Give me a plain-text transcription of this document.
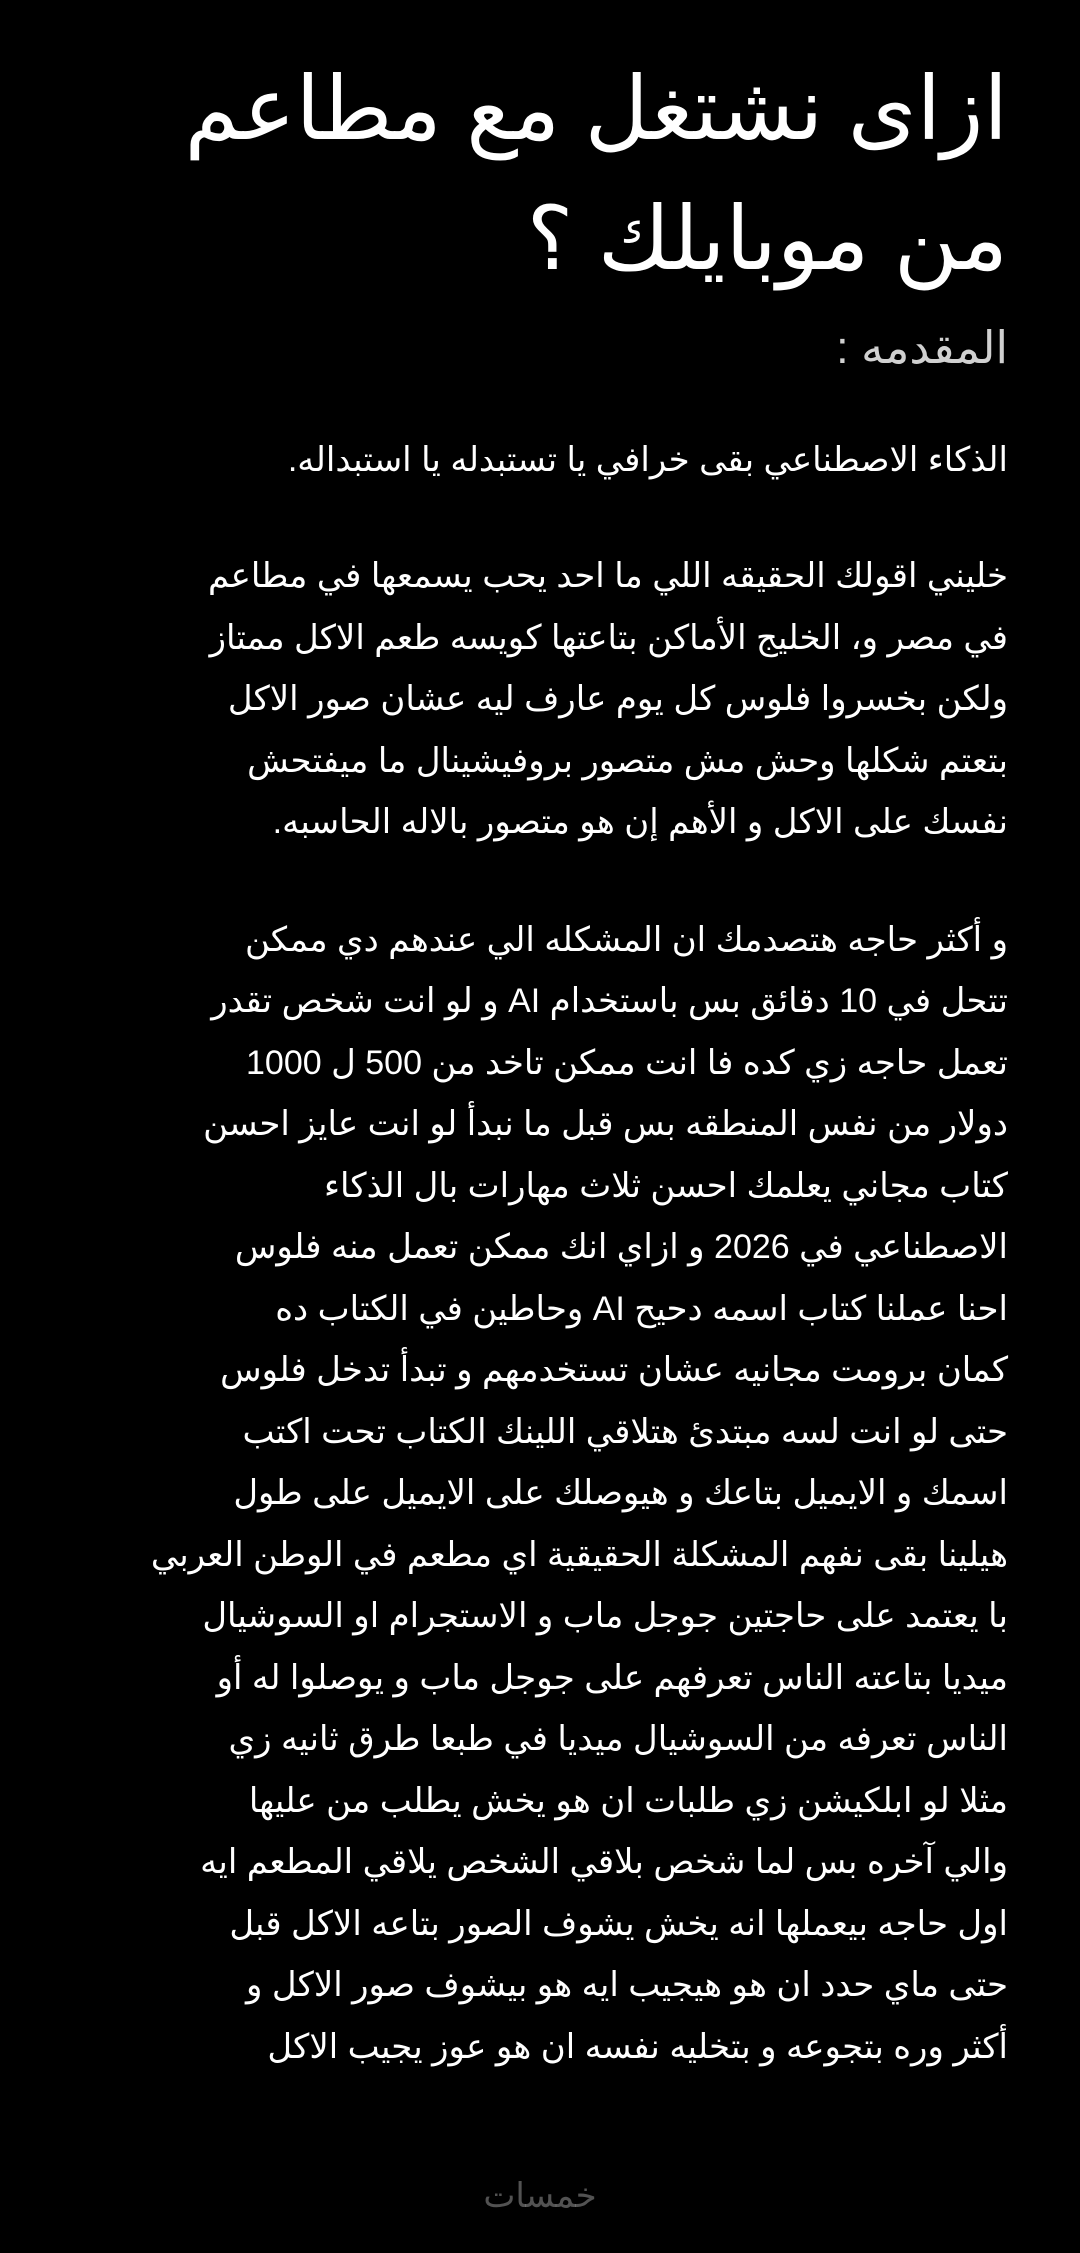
ازاى نشتغل مع مطاعم
من موبايلك ؟
المقدمه :

الذكاء الاصطناعي بقى خرافي يا تستبدله يا استبداله.

خليني اقولك الحقيقه اللي ما احد يحب يسمعها في مطاعم
في مصر و، الخليج الأماكن بتاعتها كويسه طعم الاكل ممتاز
ولكن بخسروا فلوس كل يوم عارف ليه عشان صور الاكل
بتعتم شكلها وحش مش متصور بروفيشينال ما ميفتحش
نفسك على الاكل و الأهم إن هو متصور بالاله الحاسبه.

و أكثر حاجه هتصدمك ان المشكله الي عندهم دي ممكن
تتحل في 10 دقائق بس باستخدام AI و لو انت شخص تقدر
تعمل حاجه زي كده فا انت ممكن تاخد من 500 ل 1000
دولار من نفس المنطقه بس قبل ما نبدأ لو انت عايز احسن
كتاب مجاني يعلمك احسن ثلاث مهارات بال الذكاء
الاصطناعي في 2026 و ازاي انك ممكن تعمل منه فلوس
احنا عملنا كتاب اسمه دحيح AI وحاطين في الكتاب ده
كمان برومت مجانيه عشان تستخدمهم و تبدأ تدخل فلوس
حتى لو انت لسه مبتدئ هتلاقي اللينك الكتاب تحت اكتب
اسمك و الايميل بتاعك و هيوصلك على الايميل على طول
هيلينا بقى نفهم المشكلة الحقيقية اي مطعم في الوطن العربي
با يعتمد على حاجتين جوجل ماب و الاستجرام او السوشيال
ميديا بتاعته الناس تعرفهم على جوجل ماب و يوصلوا له أو
الناس تعرفه من السوشيال ميديا في طبعا طرق ثانيه زي
مثلا لو ابلكيشن زي طلبات ان هو يخش يطلب من عليها
والي آخره بس لما شخص بلاقي الشخص يلاقي المطعم ايه
اول حاجه بيعملها انه يخش يشوف الصور بتاعه الاكل قبل
حتى ماي حدد ان هو هيجيب ايه هو بيشوف صور الاكل و
أكثر وره بتجوعه و بتخليه نفسه ان هو عوز يجيب الاكل

خمسات
